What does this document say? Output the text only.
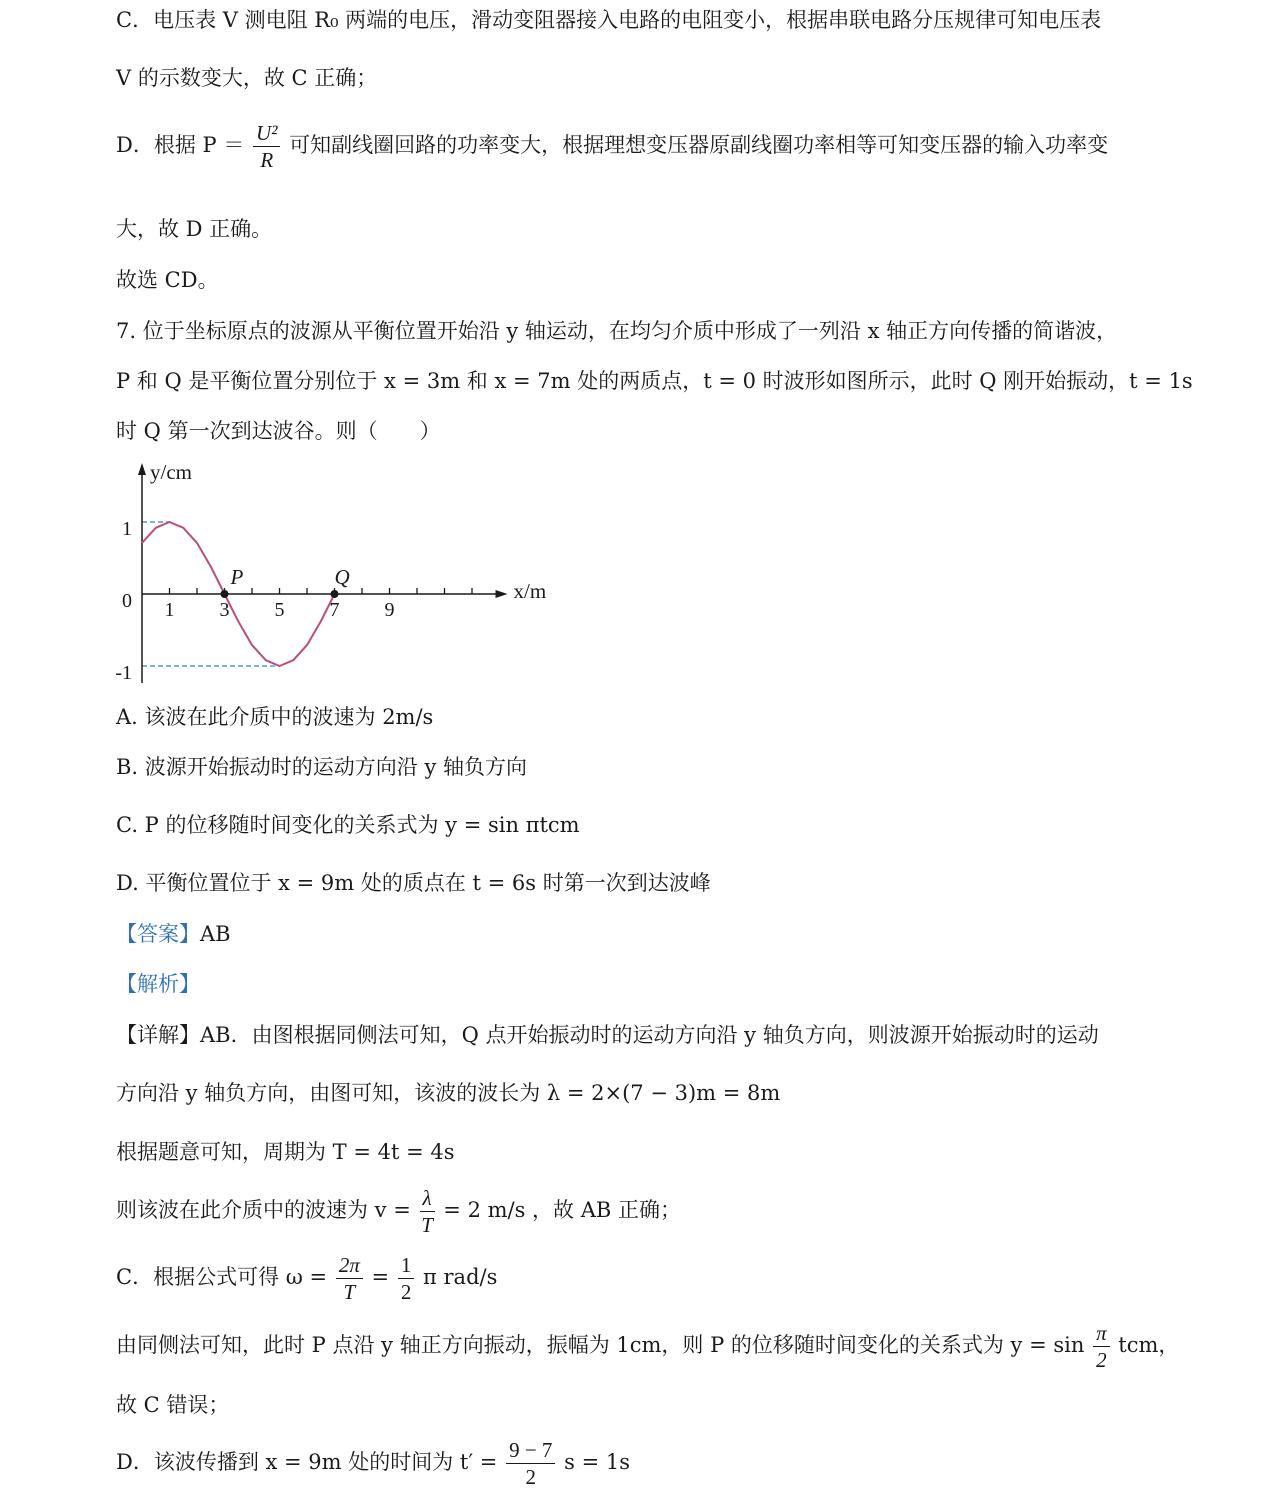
C．电压表 V 测电阻 R₀ 两端的电压，滑动变阻器接入电路的电阻变小，根据串联电路分压规律可知电压表
V 的示数变大，故 C 正确；
D．根据 $P = \frac{\text{U²}}{R}$ 可知副线圈回路的功率变大，根据理想变压器原副线圈功率相等可知变压器的输入功率变
大，故 D 正确。
故选 CD。
7. 位于坐标原点的波源从平衡位置开始沿 y 轴运动，在均匀介质中形成了一列沿 x 轴正方向传播的简谐波，
P 和 Q 是平衡位置分别位于 x = 3m 和 x = 7m 处的两质点，t = 0 时波形如图所示，此时 Q 刚开始振动，t = 1s
时 Q 第一次到达波谷。则（　　）
P	Q
1 3 5 7 9
1
0
-1
x/m
y/cm
A. 该波在此介质中的波速为 2m/s
B. 波源开始振动时的运动方向沿 y 轴负方向
C. P 的位移随时间变化的关系式为 y = sin πtcm
D. 平衡位置位于 x = 9m 处的质点在 t = 6s 时第一次到达波峰
【答案】AB
【解析】
【详解】AB．由图根据同侧法可知，Q 点开始振动时的运动方向沿 y 轴负方向，则波源开始振动时的运动
方向沿 y 轴负方向，由图可知，该波的波长为 λ = 2×(7 − 3)m = 8m
根据题意可知，周期为 T = 4t = 4s
则该波在此介质中的波速为 $v = \frac{\lambda}{T} = 2$ m/s ，故 AB 正确；
C．根据公式可得 $\omega = \frac{2\pi}{T} = \frac{1}{2}$ π rad/s
由同侧法可知，此时 P 点沿 y 轴正方向振动，振幅为 1cm，则 P 的位移随时间变化的关系式为 $y = \sin \frac{\pi}{2}$ tcm，
故 C 错误；
D．该波传播到 x = 9m 处的时间为 $t' = \frac{9 - 7}{2}$ s = 1s
